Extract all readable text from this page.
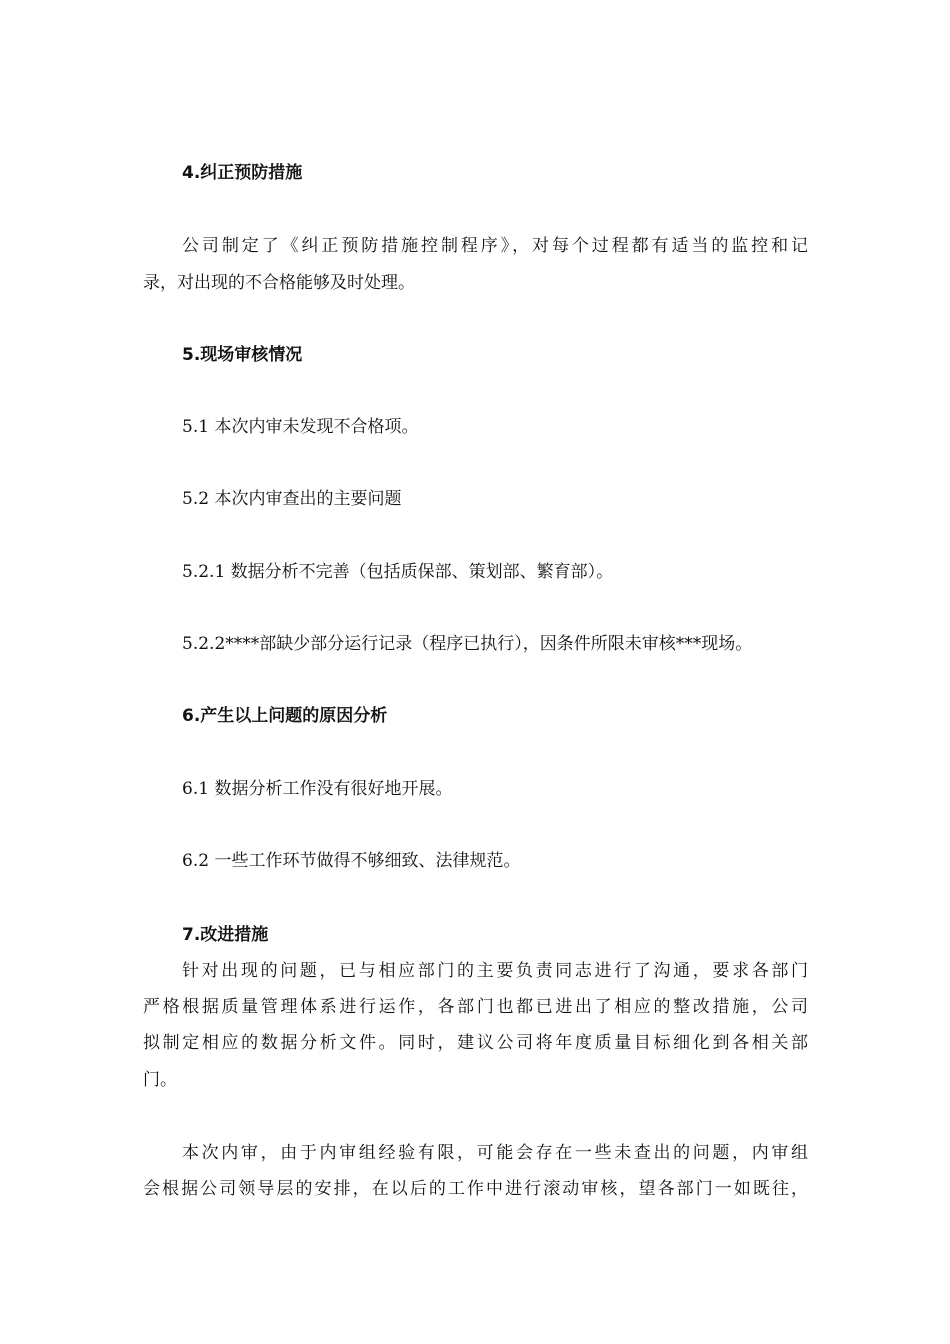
4.纠正预防措施
公司制定了《纠正预防措施控制程序》，对每个过程都有适当的监控和记
录，对出现的不合格能够及时处理。
5.现场审核情况
5.1 本次内审未发现不合格项。
5.2 本次内审查出的主要问题
5.2.1 数据分析不完善（包括质保部、策划部、繁育部）。
5.2.2****部缺少部分运行记录（程序已执行），因条件所限未审核***现场。
6.产生以上问题的原因分析
6.1 数据分析工作没有很好地开展。
6.2 一些工作环节做得不够细致、法律规范。
7.改进措施
针对出现的问题，已与相应部门的主要负责同志进行了沟通，要求各部门
严格根据质量管理体系进行运作，各部门也都已进出了相应的整改措施，公司
拟制定相应的数据分析文件。同时，建议公司将年度质量目标细化到各相关部
门。
本次内审，由于内审组经验有限，可能会存在一些未查出的问题，内审组
会根据公司领导层的安排，在以后的工作中进行滚动审核，望各部门一如既往，
